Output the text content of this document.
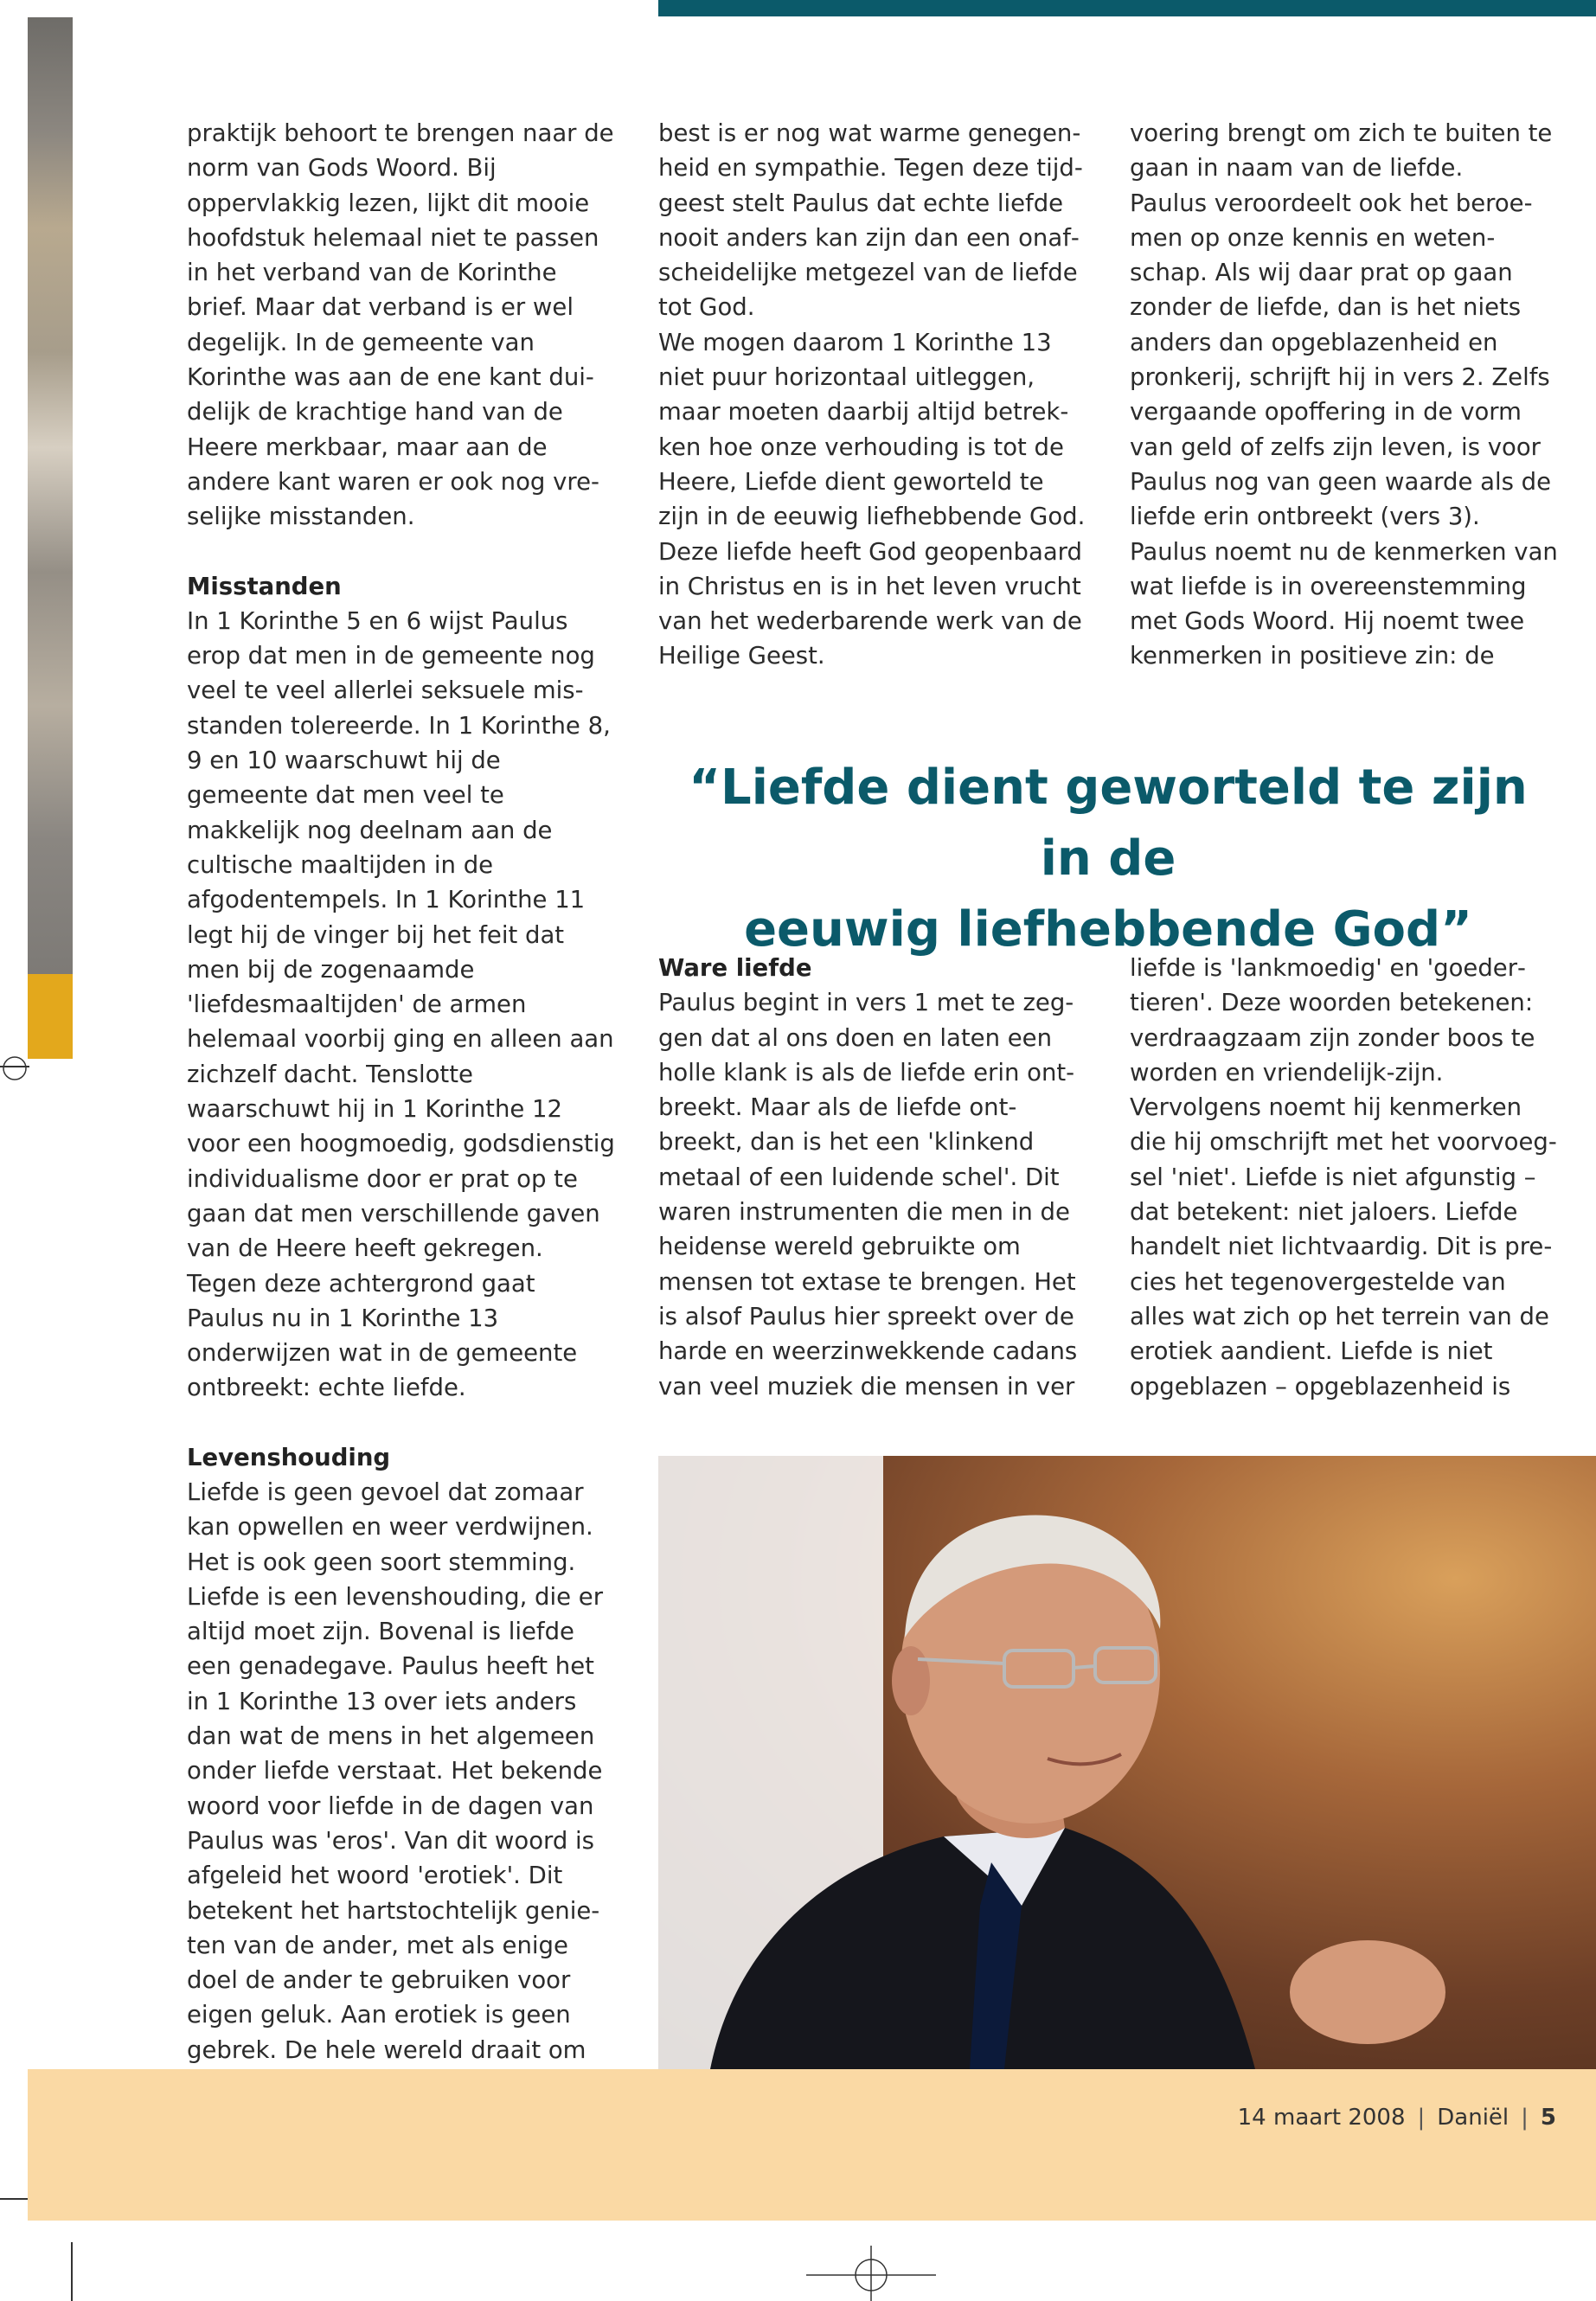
praktijk behoort te brengen naar de norm van Gods Woord. Bij oppervlakkig lezen, lijkt dit mooie hoofdstuk helemaal niet te passen in het verband van de Korinthe brief. Maar dat verband is er wel degelijk. In de gemeente van Korinthe was aan de ene kant duidelijk de krachtige hand van de Heere merkbaar, maar aan de andere kant waren er ook nog vreselijke misstanden.

Misstanden

In 1 Korinthe 5 en 6 wijst Paulus erop dat men in de gemeente nog veel te veel allerlei seksuele misstanden tolereerde. In 1 Korinthe 8, 9 en 10 waarschuwt hij de gemeente dat men veel te makkelijk nog deelnam aan de cultische maaltijden in de afgodentempels. In 1 Korinthe 11 legt hij de vinger bij het feit dat men bij de zogenaamde 'liefdesmaaltijden' de armen helemaal voorbij ging en alleen aan zichzelf dacht. Tenslotte waarschuwt hij in 1 Korinthe 12 voor een hoogmoedig, godsdienstig individualisme door er prat op te gaan dat men verschillende gaven van de Heere heeft gekregen. Tegen deze achtergrond gaat Paulus nu in 1 Korinthe 13 onderwijzen wat in de gemeente ontbreekt: echte liefde.

Levenshouding

Liefde is geen gevoel dat zomaar kan opwellen en weer verdwijnen. Het is ook geen soort stemming. Liefde is een levenshouding, die er altijd moet zijn. Bovenal is liefde een genadegave. Paulus heeft het in 1 Korinthe 13 over iets anders dan wat de mens in het algemeen onder liefde verstaat. Het bekende woord voor liefde in de dagen van Paulus was 'eros'. Van dit woord is afgeleid het woord 'erotiek'. Dit betekent het hartstochtelijk genieten van de ander, met als enige doel de ander te gebruiken voor eigen geluk. Aan erotiek is geen gebrek. De hele wereld draait om

best is er nog wat warme genegenheid en sympathie. Tegen deze tijdgeest stelt Paulus dat echte liefde nooit anders kan zijn dan een onafscheidelijke metgezel van de liefde tot God.

We mogen daarom 1 Korinthe 13 niet puur horizontaal uitleggen, maar moeten daarbij altijd betrekken hoe onze verhouding is tot de Heere, Liefde dient geworteld te zijn in de eeuwig liefhebbende God. Deze liefde heeft God geopenbaard in Christus en is in het leven vrucht van het wederbarende werk van de Heilige Geest.

voering brengt om zich te buiten te gaan in naam van de liefde.

Paulus veroordeelt ook het beroemen op onze kennis en wetenschap. Als wij daar prat op gaan zonder de liefde, dan is het niets anders dan opgeblazenheid en pronkerij, schrijft hij in vers 2. Zelfs vergaande opoffering in de vorm van geld of zelfs zijn leven, is voor Paulus nog van geen waarde als de liefde erin ontbreekt (vers 3).

Paulus noemt nu de kenmerken van wat liefde is in overeenstemming met Gods Woord. Hij noemt twee kenmerken in positieve zin: de

“Liefde dient geworteld te zijn in de
eeuwig liefhebbende God”
Ware liefde

Paulus begint in vers 1 met te zeggen dat al ons doen en laten een holle klank is als de liefde erin ontbreekt. Maar als de liefde ontbreekt, dan is het een 'klinkend metaal of een luidende schel'. Dit waren instrumenten die men in de heidense wereld gebruikte om mensen tot extase te brengen. Het is alsof Paulus hier spreekt over de harde en weerzinwekkende cadans van veel muziek die mensen in ver

liefde is 'lankmoedig' en 'goedertieren'. Deze woorden betekenen: verdraagzaam zijn zonder boos te worden en vriendelijk-zijn. Vervolgens noemt hij kenmerken die hij omschrijft met het voorvoegsel 'niet'. Liefde is niet afgunstig – dat betekent: niet jaloers. Liefde handelt niet lichtvaardig. Dit is precies het tegenovergestelde van alles wat zich op het terrein van de erotiek aandient. Liefde is niet opgeblazen – opgeblazenheid is

14 maart 2008 | Daniël | 5
